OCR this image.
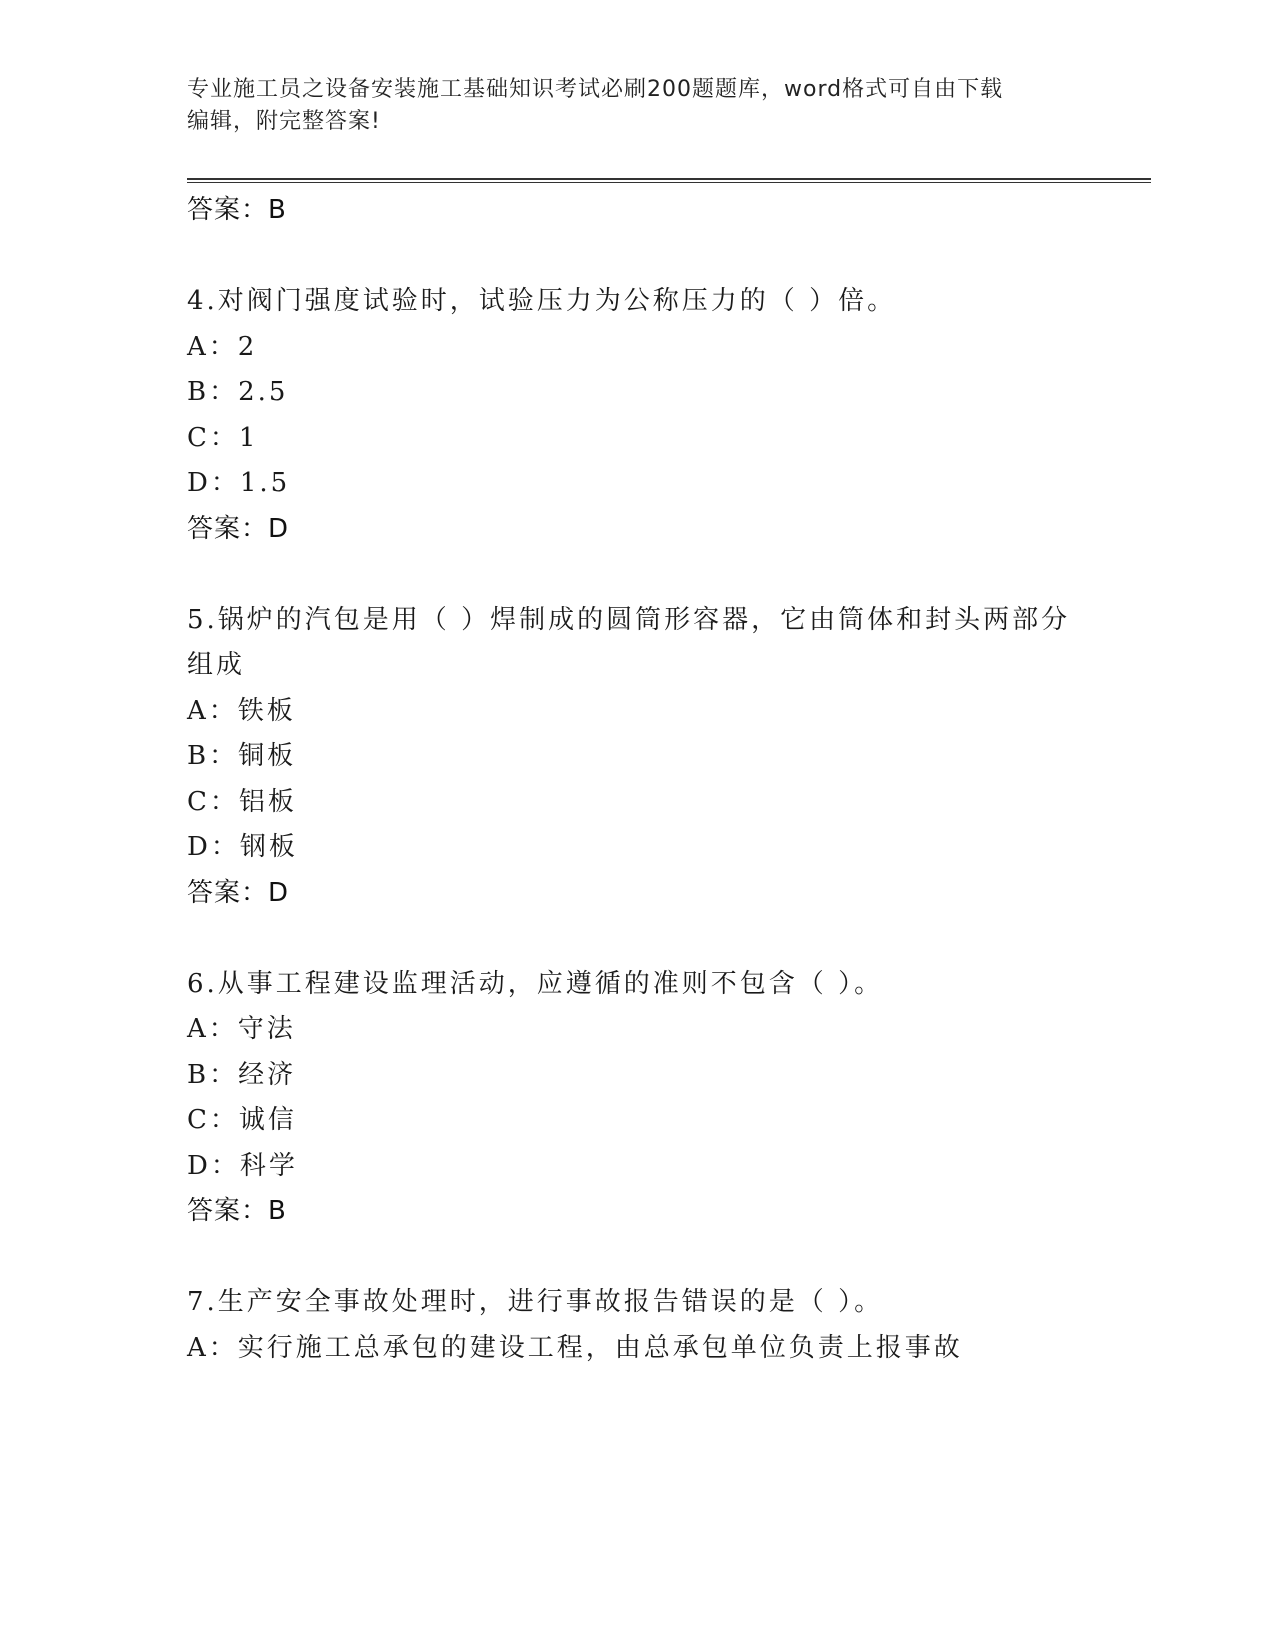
专业施工员之设备安装施工基础知识考试必刷200题题库，word格式可自由下载
编辑，附完整答案!
答案：B
4.对阀门强度试验时，试验压力为公称压力的（ ）倍。
A：2
B：2.5
C：1
D：1.5
答案：D
5.锅炉的汽包是用（ ）焊制成的圆筒形容器，它由筒体和封头两部分
组成
A：铁板
B：铜板
C：铝板
D：钢板
答案：D
6.从事工程建设监理活动，应遵循的准则不包含（ ）。
A：守法
B：经济
C：诚信
D：科学
答案：B
7.生产安全事故处理时，进行事故报告错误的是（ ）。
A：实行施工总承包的建设工程，由总承包单位负责上报事故
